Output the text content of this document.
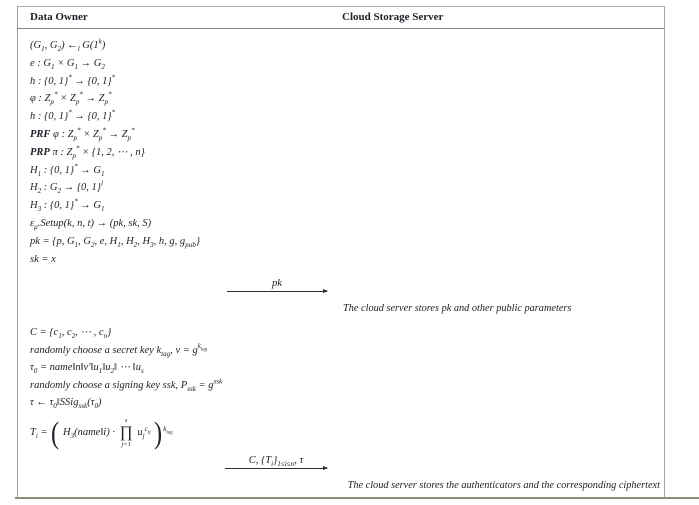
Data Owner	Cloud Storage Server
($G_1$, $G_2$) $\leftarrow_l$ G(1$^k$)
e : $G_1 \times G_1 \to G_2$
h : {0, 1}* → {0, 1}*
φ : $Z_p^* \times Z_p^* \to Z_p^*$
h : {0, 1}* → {0, 1}*
PRF φ : $Z_p^* \times Z_p^* \to Z_p^*$
PRP π : $Z_p^* \times \{1$, 2, ⋯ , n}
$H_1$ : {0, $1\}^* \to G_1$
$H_2$ : $G_2 \to \{0$, 1}$^l$
$H_3$ : {0, $1\}^* \to G_1$
$\varepsilon_\mu.Setup(k$, n, t) → (pk, sk, S)
pk = {p, $G_1$, $G_2$, e, $H_1$, $H_2$, $H_3$, h, g, $g_{pub}$}
sk = x
$C = \{c_1$, $c_2$, ⋯ , $c_n$}
randomly choose a secret key $k_{tag}$, $v = g^{k_{tag}}$
$\tau_0$ = $name‖n‖v'‖u_1‖u_2‖$ ⋯ $‖u_s$
randomly choose a signing key ssk, $P_{ssk} = g^{ssk}$
τ ← $\tau_0‖SSig_{ssk}(\tau_0)$
$T_i$ = ( $H_3(name‖i)$ ·
s
∏
j=1
$u_j^{c_{ij}}$ )$^{k_{tag}}$
pk
The cloud server stores pk and other public parameters
C, $\{T_i\}_{1\le i\le n}$, τ
The cloud server stores the authenticators and the corresponding ciphertext
